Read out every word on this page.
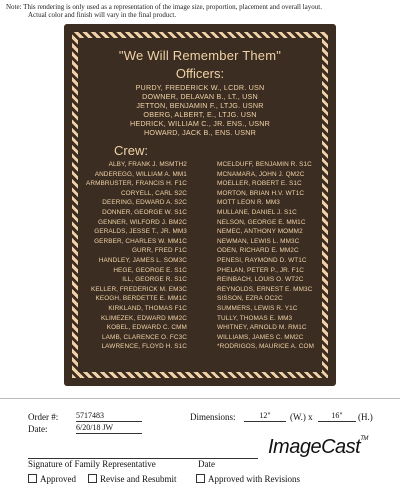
Note: This rendering is only used as a representation of the image size, proportion, placement and overall layout.
Actual color and finish will vary in the final product.
"We Will Remember Them"
Officers:
PURDY, FREDERICK W., LCDR. USN
DOWNER, DELAVAN B., LT., USN
JETTON, BENJAMIN F., LTJG. USNR
OBERG, ALBERT, E., LTJG. USN
HEDRICK, WILLIAM C., JR. ENS., USNR
HOWARD, JACK B., ENS. USNR
Crew:
ALBY, FRANK J. MSMTH2
ANDEREGG, WILLIAM A. MM1
ARMBRUSTER, FRANCIS H. F1C
CORYELL, CARL S2C
DEERING, EDWARD A. S2C
DONNER, GEORGE W. S1C
GENNER, WILFORD J. BM2C
GERALDS, JESSE T., JR. MM3
GERBER, CHARLES W. MM1C
GURR, FRED F1C
HANDLEY, JAMES L. SOM3C
HEGE, GEORGE E. S1C
ILL, GEORGE R. S1C
KELLER, FREDERICK M. EM3C
KEOGH, BERDETTE E. MM1C
KIRKLAND, THOMAS F1C
KLIMEZEK, EDWARD MM2C
KOBEL, EDWARD C. CMM
LAMB, CLARENCE O. FC3C
LAWRENCE, FLOYD H. S1C
MCELDUFF, BENJAMIN R. S1C
MCNAMARA, JOHN J. QM2C
MOELLER, ROBERT E. S1C
MORTON, BRIAN H.V. WT1C
MOTT LEON R. MM3
MULLANE, DANIEL J. S1C
NELSON, GEORGE E. MM1C
NEMEC, ANTHONY MOMM2
NEWMAN, LEWIS L. MM3C
ODEN, RICHARD E. MM2C
PENESI, RAYMOND D. WT1C
PHELAN, PETER P., JR. F1C
REINBACH, LOUIS O. WT2C
REYNOLDS, ERNEST E. MM3C
SISSON, EZRA OC2C
SUMMERS, LEWIS R. Y1C
TULLY, THOMAS E. MM3
WHITNEY, ARNOLD M. RM1C
WILLIAMS, JAMES C. MM2C
*RODRIGOS, MAURICE A. COM
Order #: 5717483
Date:	6/20/18 JW
Dimensions:	12"	(W.) x	16"	(H.)
ImageCast™
Signature of Family Representative	Date
Approved	Revise and Resubmit	Approved with Revisions
